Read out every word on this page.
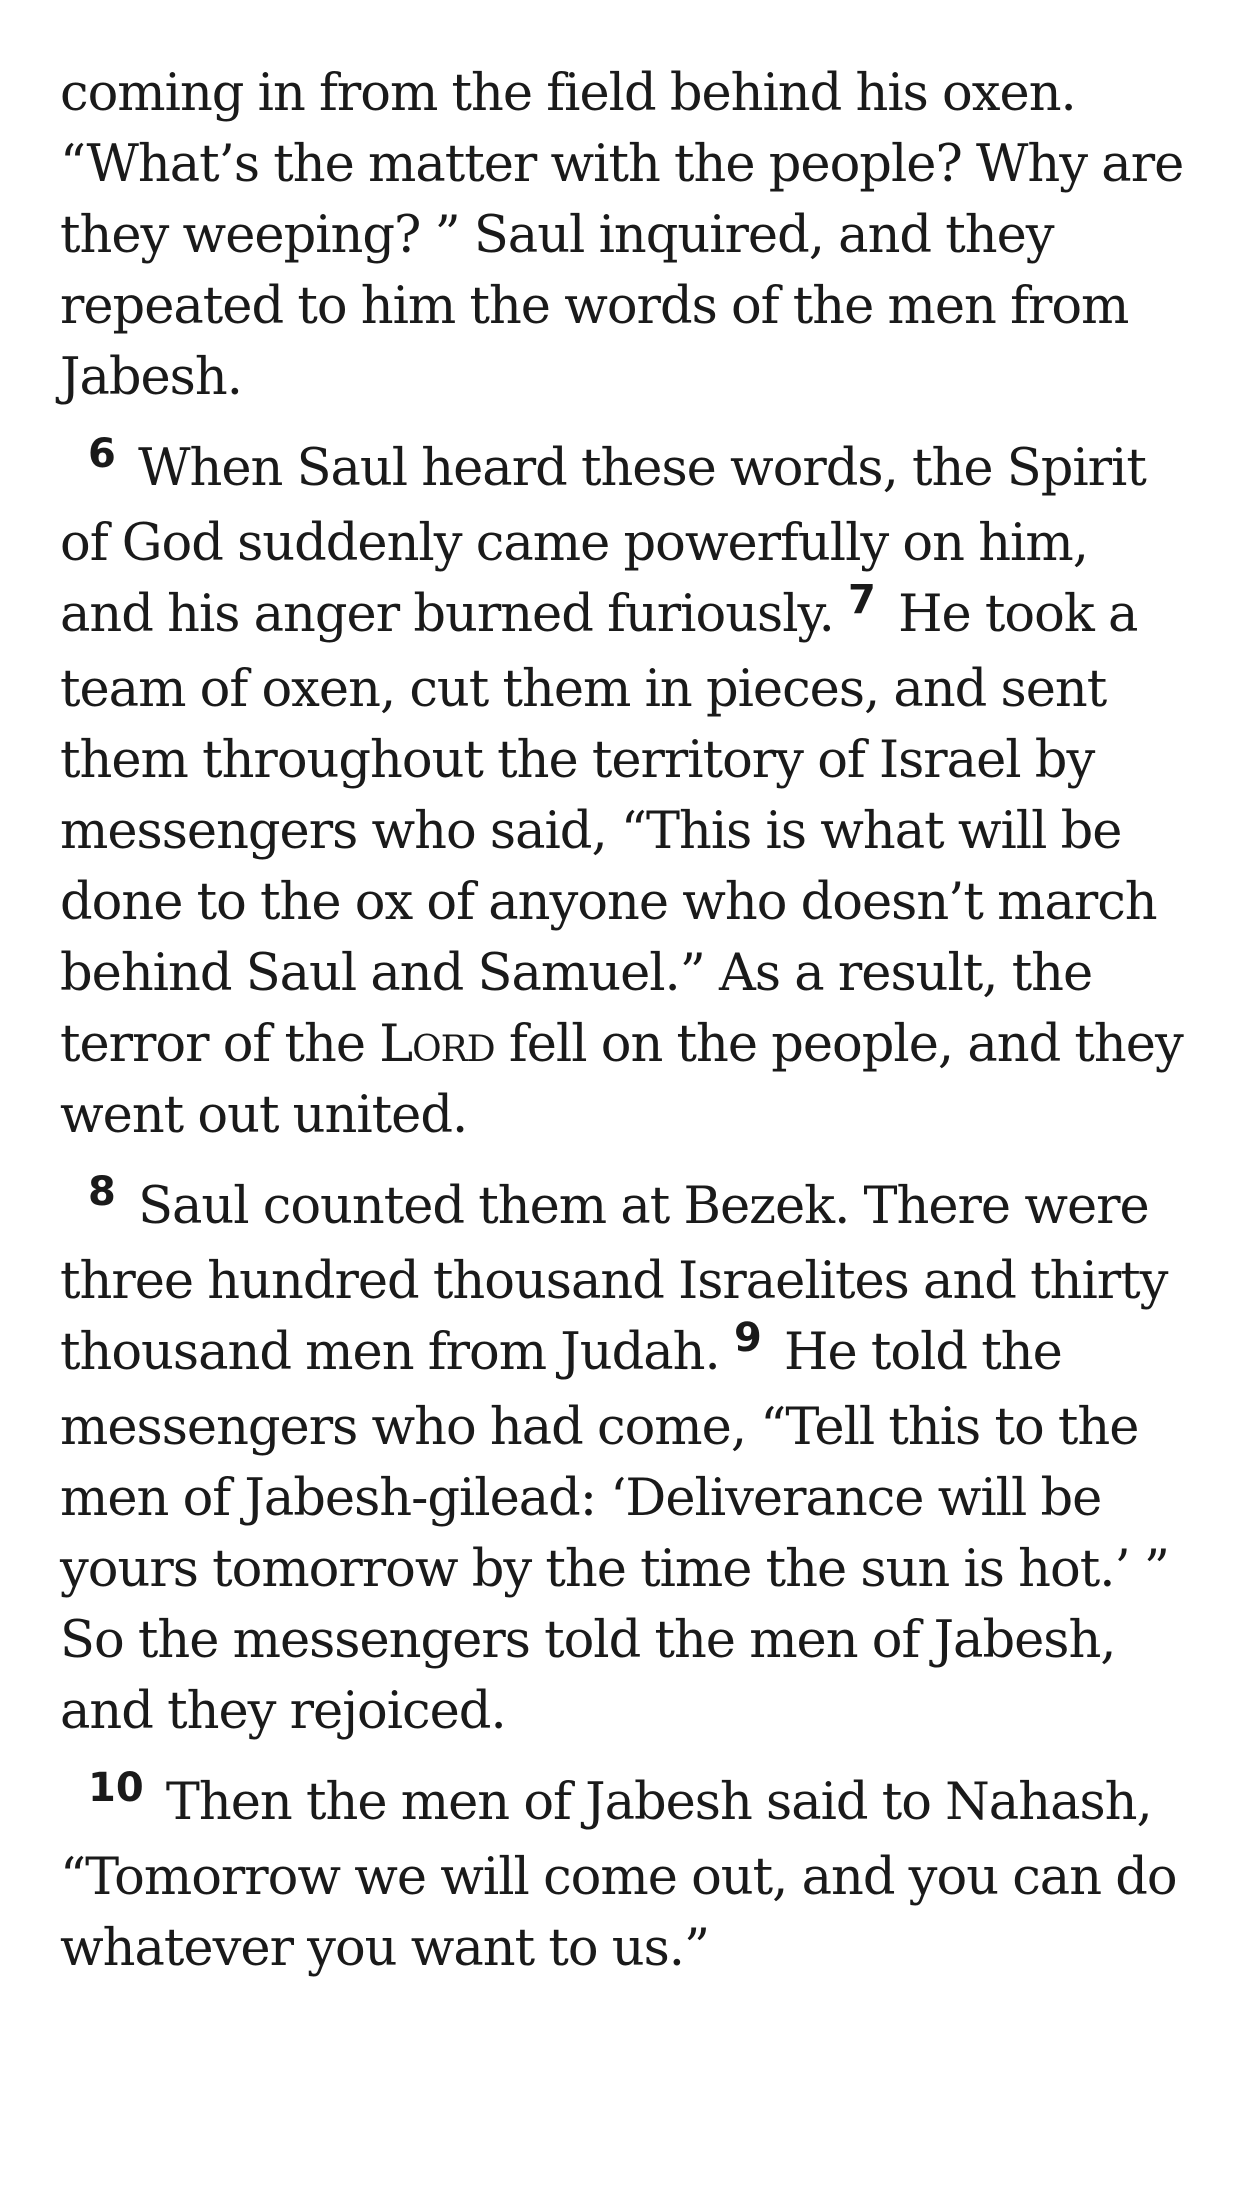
coming in from the field behind his oxen. “What’s the matter with the people? Why are they weeping? ” Saul inquired, and they repeated to him the words of the men from Jabesh.

$^6$ When Saul heard these words, the Spirit of God suddenly came powerfully on him, and his anger burned furiously. $^7$ He took a team of oxen, cut them in pieces, and sent them throughout the territory of Israel by messengers who said, “This is what will be done to the ox of anyone who doesn’t march behind Saul and Samuel.” As a result, the terror of the Lord fell on the people, and they went out united.

$^8$ Saul counted them at Bezek. There were three hundred thousand Israelites and thirty thousand men from Judah. $^9$ He told the messengers who had come, “Tell this to the men of Jabesh-gilead: ‘Deliverance will be yours tomorrow by the time the sun is hot.’ ” So the messengers told the men of Jabesh, and they rejoiced.

$^{10}$ Then the men of Jabesh said to Nahash, “Tomorrow we will come out, and you can do whatever you want to us.”
